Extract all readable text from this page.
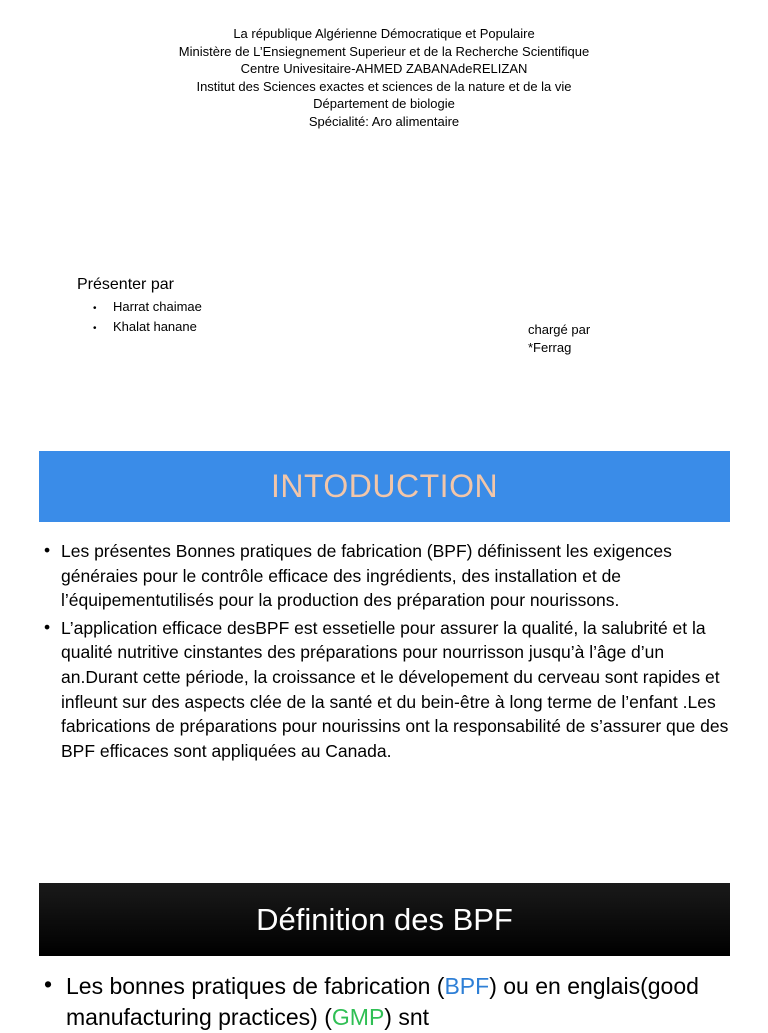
La république Algérienne Démocratique et Populaire
Ministère de L’Ensiegnement Superieur et de la Recherche Scientifique
Centre Univesitaire-AHMED ZABANAdeRELIZAN
Institut des Sciences exactes et sciences de la nature et de la vie
Département de biologie
Spécialité: Aro alimentaire
Présenter par
• Harrat chaimae
• Khalat hanane	chargé par
*Ferrag
INTODUCTION
• Les présentes Bonnes pratiques de fabrication (BPF) définissent les exigences généraies pour le contrôle efficace des ingrédients, des installation et de l’équipementutilisés pour la production des préparation pour nourissons.
• L’application efficace desBPF est essetielle pour assurer la qualité, la salubrité et la qualité nutritive cinstantes des préparations pour nourrisson jusqu’à l’âge d’un an.Durant cette période, la croissance et le dévelopement du cerveau sont rapides et infleunt sur des aspects clée de la santé et du bein-être à long terme de l’enfant .Les fabrications de préparations pour nourissins ont la responsabilité de s’assurer que des BPF efficaces sont appliquées au Canada.
Définition des BPF
• Les bonnes pratiques de fabrication (BPF) ou en englais(good manufacturing practices) (GMP) snt
